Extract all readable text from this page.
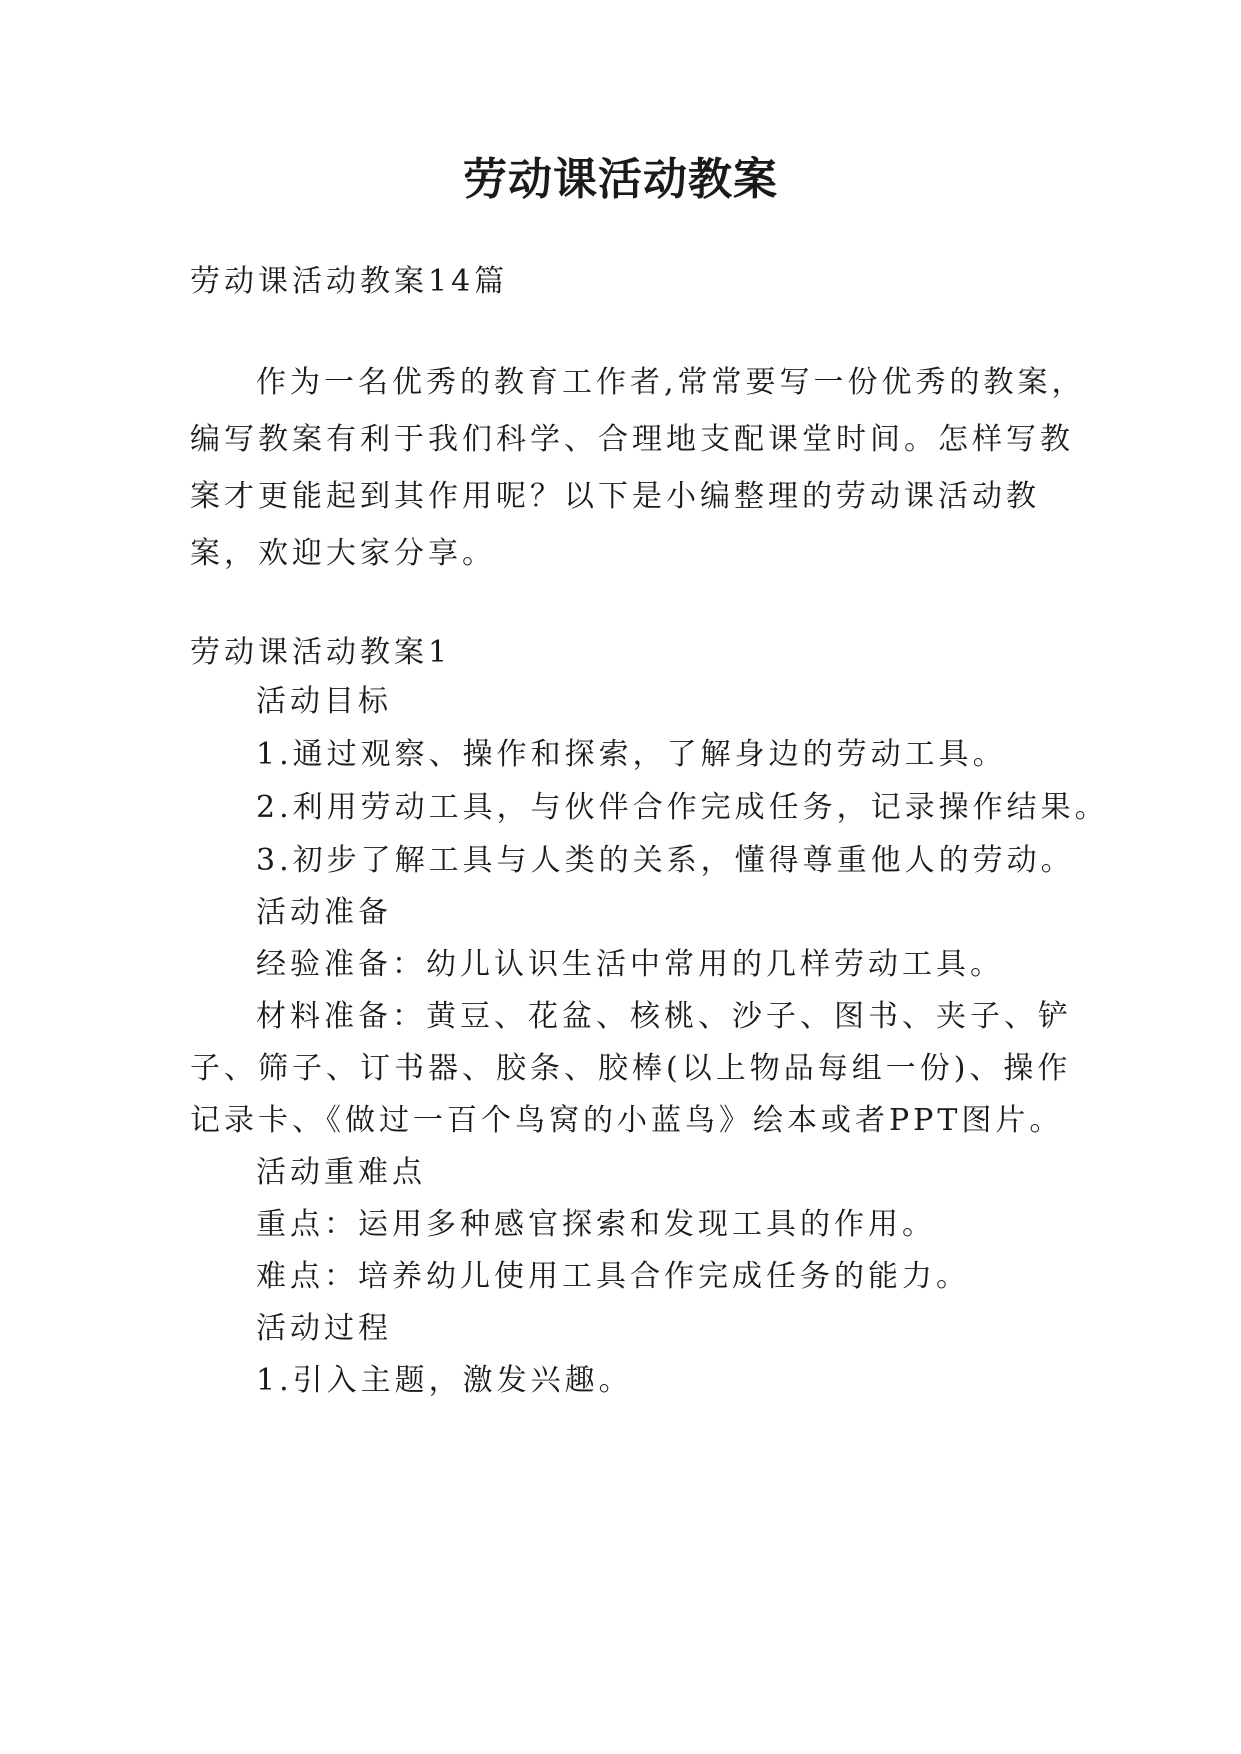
劳动课活动教案

劳动课活动教案14篇

作为一名优秀的教育工作者,常常要写一份优秀的教案，

编写教案有利于我们科学、合理地支配课堂时间。怎样写教

案才更能起到其作用呢？以下是小编整理的劳动课活动教

案，欢迎大家分享。

劳动课活动教案1

活动目标

1.通过观察、操作和探索，了解身边的劳动工具。

2.利用劳动工具，与伙伴合作完成任务，记录操作结果。

3.初步了解工具与人类的关系，懂得尊重他人的劳动。

活动准备

经验准备：幼儿认识生活中常用的几样劳动工具。

材料准备：黄豆、花盆、核桃、沙子、图书、夹子、铲

子、筛子、订书器、胶条、胶棒(以上物品每组一份)、操作

记录卡、《做过一百个鸟窝的小蓝鸟》绘本或者PPT图片。

活动重难点

重点：运用多种感官探索和发现工具的作用。

难点：培养幼儿使用工具合作完成任务的能力。

活动过程

1.引入主题，激发兴趣。
